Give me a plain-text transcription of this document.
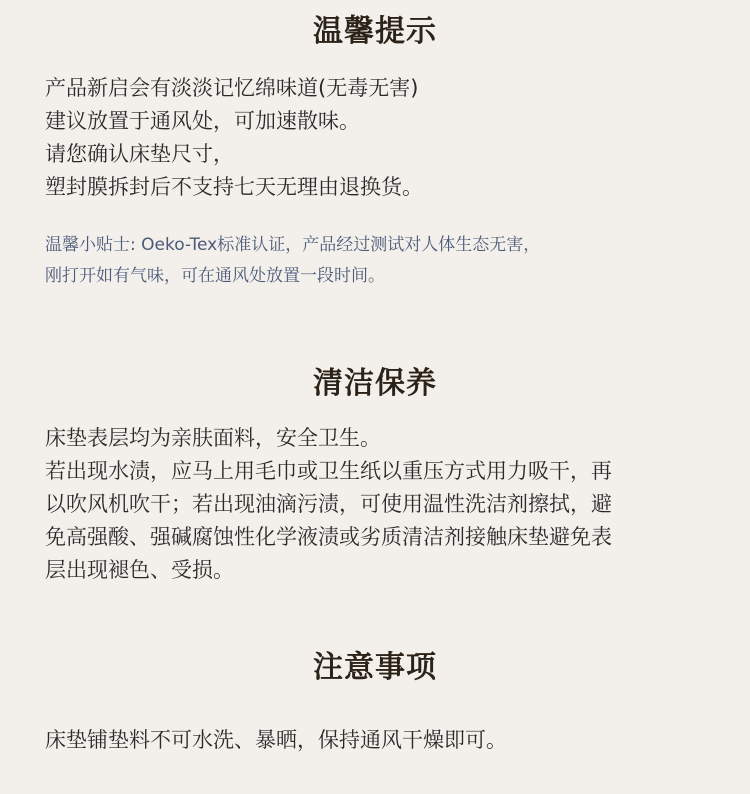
温馨提示
产品新启会有淡淡记忆绵味道(无毒无害)
建议放置于通风处，可加速散味。
请您确认床垫尺寸，
塑封膜拆封后不支持七天无理由退换货。
温馨小贴士: Oeko-Tex标准认证，产品经过测试对人体生态无害，
刚打开如有气味，可在通风处放置一段时间。
清洁保养
床垫表层均为亲肤面料，安全卫生。
若出现水渍，应马上用毛巾或卫生纸以重压方式用力吸干，再
以吹风机吹干；若出现油滴污渍，可使用温性洗洁剂擦拭，避
免高强酸、强碱腐蚀性化学液渍或劣质清洁剂接触床垫避免表
层出现褪色、受损。
注意事项
床垫铺垫料不可水洗、暴晒，保持通风干燥即可。
